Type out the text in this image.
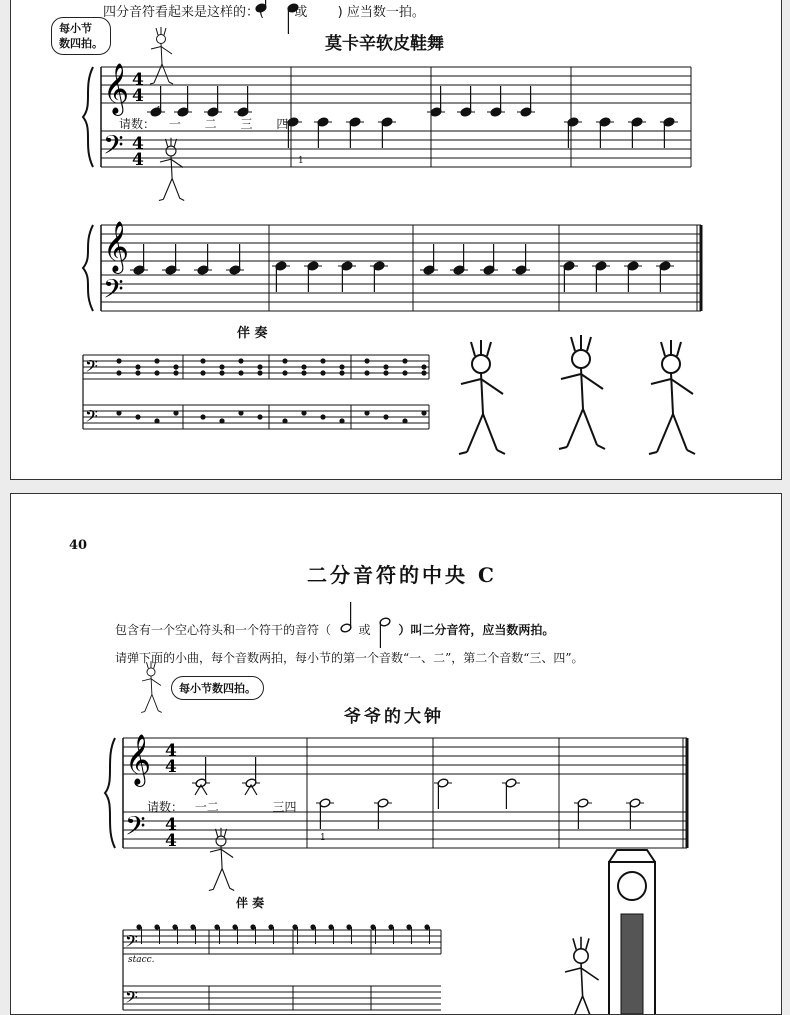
𝄞
𝄢
4
4
4
4
𝄞
𝄢
𝄢
𝄢
四分音符看起来是这样的：( 或 ) 应当数一拍。
每小节
数四拍。	莫卡辛软皮鞋舞
请数： 一 二 三 四
1
1
伴 奏
𝄞
𝄢
4
4
4
4
𝄢
𝄢
40
二分音符的中央 C
包含有一个空心符头和一个符干的音符（ 或 ）叫二分音符，应当数两拍。
请弹下面的小曲，每个音数两拍，每小节的第一个音数“一、二”，第二个音数“三、四”。
每小节数四拍。
爷爷的大钟
请数： 一二	三四
1
伴 奏
stacc.
